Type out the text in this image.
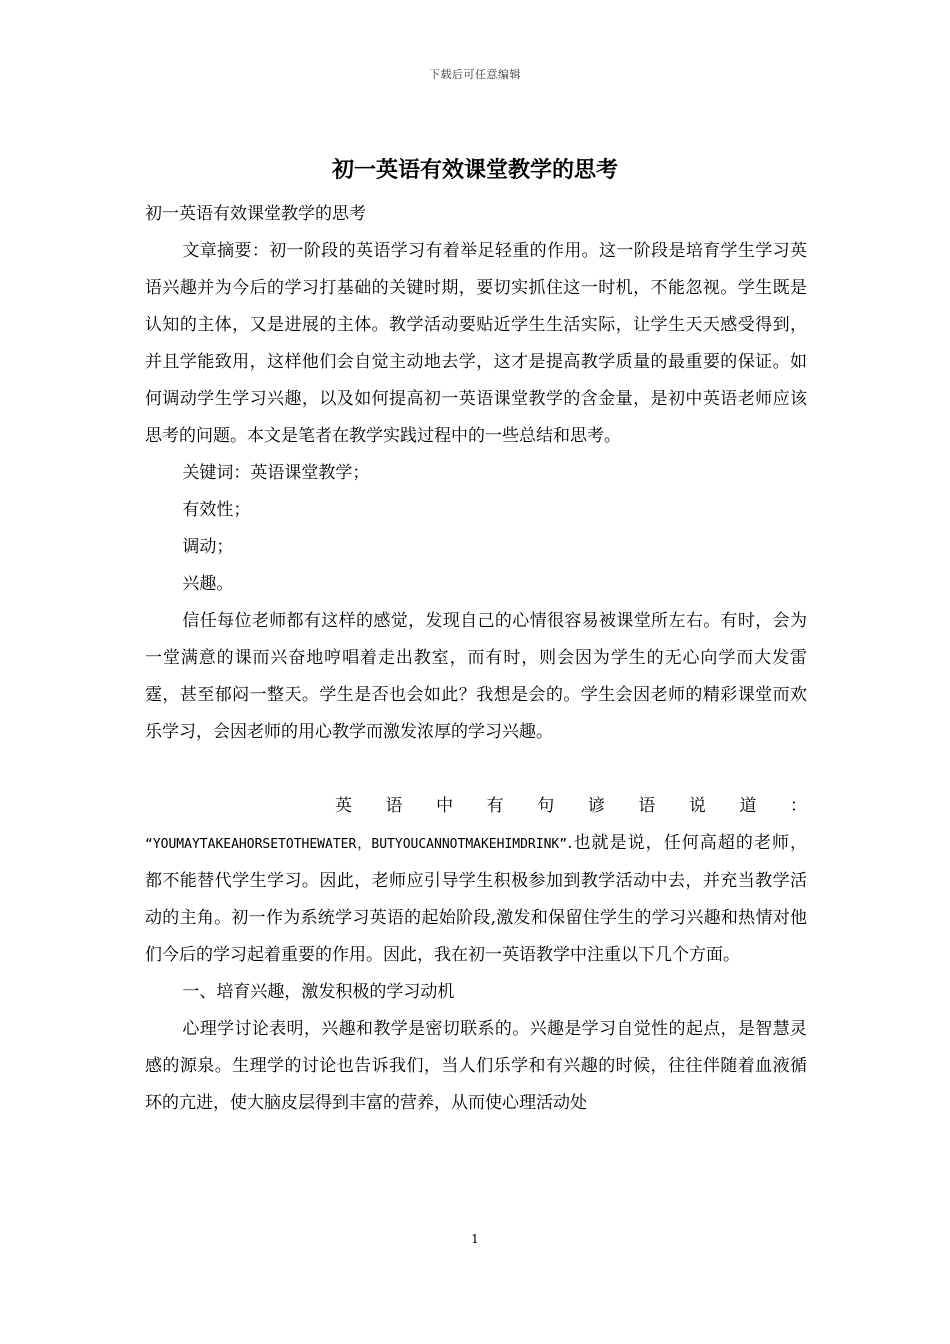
下载后可任意编辑
初一英语有效课堂教学的思考

初一英语有效课堂教学的思考

文章摘要：初一阶段的英语学习有着举足轻重的作用。这一阶段是培育学生学习英语兴趣并为今后的学习打基础的关键时期，要切实抓住这一时机，不能忽视。学生既是认知的主体，又是进展的主体。教学活动要贴近学生生活实际，让学生天天感受得到，并且学能致用，这样他们会自觉主动地去学，这才是提高教学质量的最重要的保证。如何调动学生学习兴趣，以及如何提高初一英语课堂教学的含金量，是初中英语老师应该思考的问题。本文是笔者在教学实践过程中的一些总结和思考。

关键词：英语课堂教学；

有效性；

调动；

兴趣。

信任每位老师都有这样的感觉，发现自己的心情很容易被课堂所左右。有时，会为一堂满意的课而兴奋地哼唱着走出教室，而有时，则会因为学生的无心向学而大发雷霆，甚至郁闷一整天。学生是否也会如此？我想是会的。学生会因老师的精彩课堂而欢乐学习，会因老师的用心教学而激发浓厚的学习兴趣。

英语中有句谚语说道：

“YOUMAYTAKEAHORSETOTHEWATER，BUTYOUCANNOTMAKEHIMDRINK”.也就是说，任何高超的老师，都不能替代学生学习。因此，老师应引导学生积极参加到教学活动中去，并充当教学活动的主角。初一作为系统学习英语的起始阶段,激发和保留住学生的学习兴趣和热情对他们今后的学习起着重要的作用。因此，我在初一英语教学中注重以下几个方面。

一、培育兴趣，激发积极的学习动机

心理学讨论表明，兴趣和教学是密切联系的。兴趣是学习自觉性的起点，是智慧灵感的源泉。生理学的讨论也告诉我们，当人们乐学和有兴趣的时候，往往伴随着血液循环的亢进，使大脑皮层得到丰富的营养，从而使心理活动处

1
